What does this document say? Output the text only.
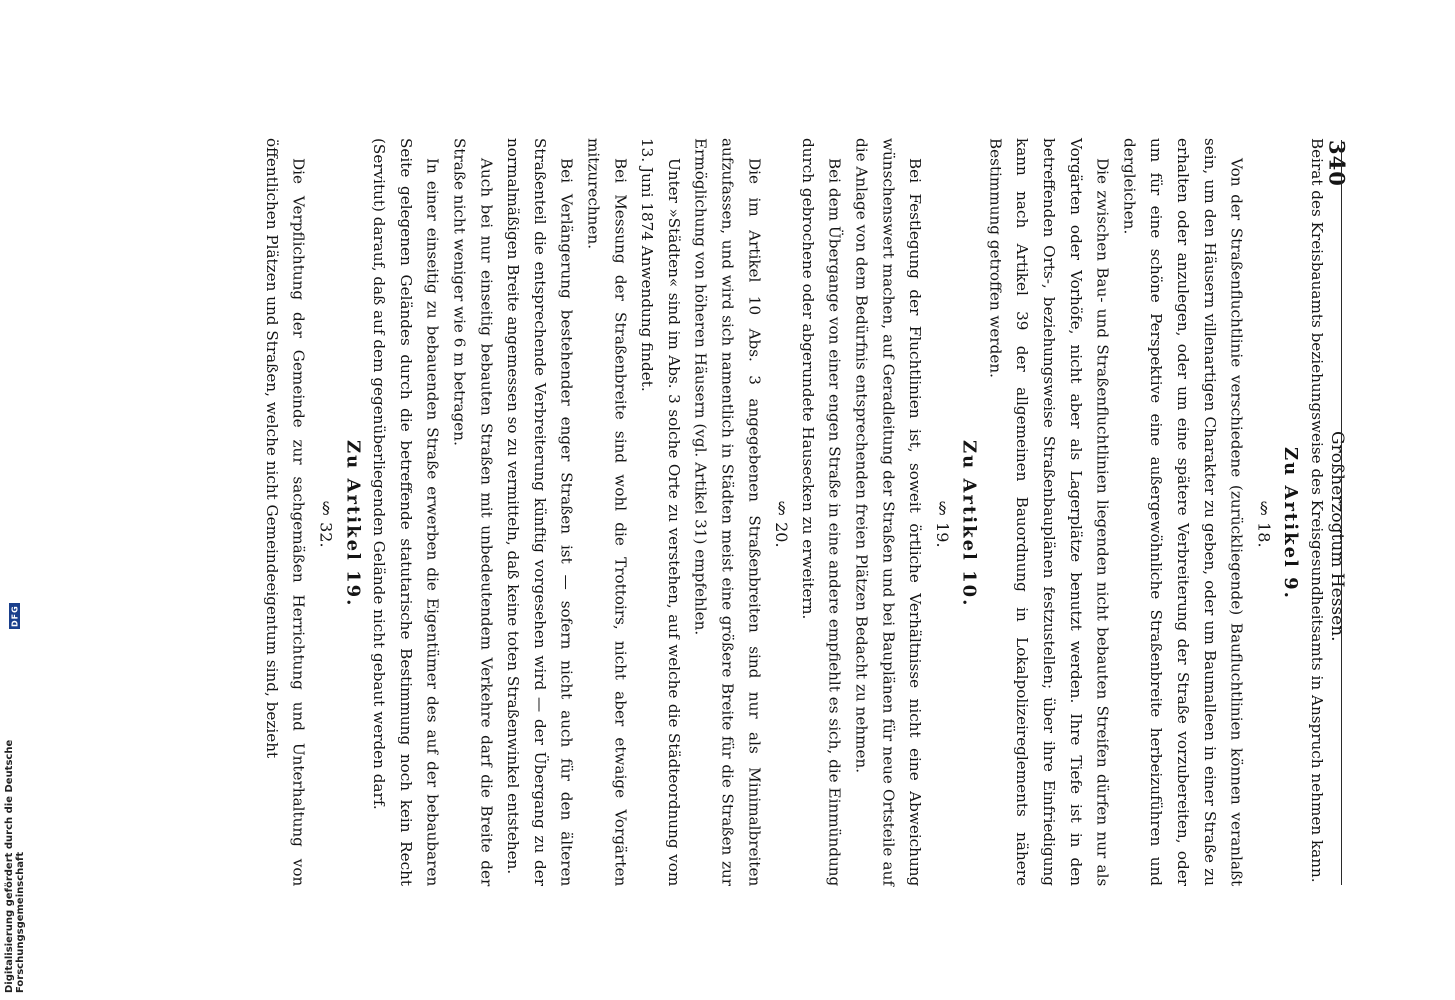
340
Großherzogtum Hessen.

Beirat des Kreisbauamts beziehungsweise des Kreisgesundheitsamts in Anspruch nehmen kann.

Zu Artikel 9.

§ 18.

Von der Straßenfluchtlinie verschiedene (zurückliegende) Baufluchtlinien können veranlaßt sein, um den Häusern villenartigen Charakter zu geben, oder um Baumalleen in einer Straße zu erhalten oder anzulegen, oder um eine spätere Verbreiterung der Straße vorzubereiten, oder um für eine schöne Perspektive eine außergewöhnliche Straßenbreite herbeizuführen und dergleichen.

Die zwischen Bau- und Straßenfluchtlinien liegenden nicht bebauten Streifen dürfen nur als Vorgärten oder Vorhöfe, nicht aber als Lagerplätze benutzt werden. Ihre Tiefe ist in den betreffenden Orts-, beziehungsweise Straßenbauplänen festzustellen; über ihre Einfriedigung kann nach Artikel 39 der allgemeinen Bauordnung in Lokalpolizeireglements nähere Bestimmung getroffen werden.

Zu Artikel 10.

§ 19.

Bei Festlegung der Fluchtlinien ist, soweit örtliche Verhältnisse nicht eine Abweichung wünschenswert machen, auf Geradleitung der Straßen und bei Bauplänen für neue Ortsteile auf die Anlage von dem Bedürfnis entsprechenden freien Plätzen Bedacht zu nehmen.

Bei dem Übergange von einer engen Straße in eine andere empfiehlt es sich, die Einmündung durch gebrochene oder abgerundete Hausecken zu erweitern.

§ 20.

Die im Artikel 10 Abs. 3 angegebenen Straßenbreiten sind nur als Minimalbreiten aufzufassen, und wird sich namentlich in Städten meist eine größere Breite für die Straßen zur Ermöglichung von höheren Häusern (vgl. Artikel 31) empfehlen.

Unter »Städten« sind im Abs. 3 solche Orte zu verstehen, auf welche die Städteordnung vom 13. Juni 1874 Anwendung findet.

Bei Messung der Straßenbreite sind wohl die Trottoirs, nicht aber etwaige Vorgärten mitzurechnen.

Bei Verlängerung bestehender enger Straßen ist — sofern nicht auch für den älteren Straßenteil die entsprechende Verbreiterung künftig vorgesehen wird — der Übergang zu der normalmäßigen Breite angemessen so zu vermitteln, daß keine toten Straßenwinkel entstehen.

Auch bei nur einseitig bebauten Straßen mit unbedeutendem Verkehre darf die Breite der Straße nicht weniger wie 6 m betragen.

In einer einseitig zu bebauenden Straße erwerben die Eigentümer des auf der bebaubaren Seite gelegenen Geländes durch die betreffende statutarische Bestimmung noch kein Recht (Servitut) darauf, daß auf dem gegenüberliegenden Gelände nicht gebaut werden darf.

Zu Artikel 19.

§ 32.

Die Verpflichtung der Gemeinde zur sachgemäßen Herrichtung und Unterhaltung von öffentlichen Plätzen und Straßen, welche nicht Gemeindeeigentum sind, bezieht

Digitalisierung gefördert durch die Deutsche Forschungsgemeinschaft
DFG
